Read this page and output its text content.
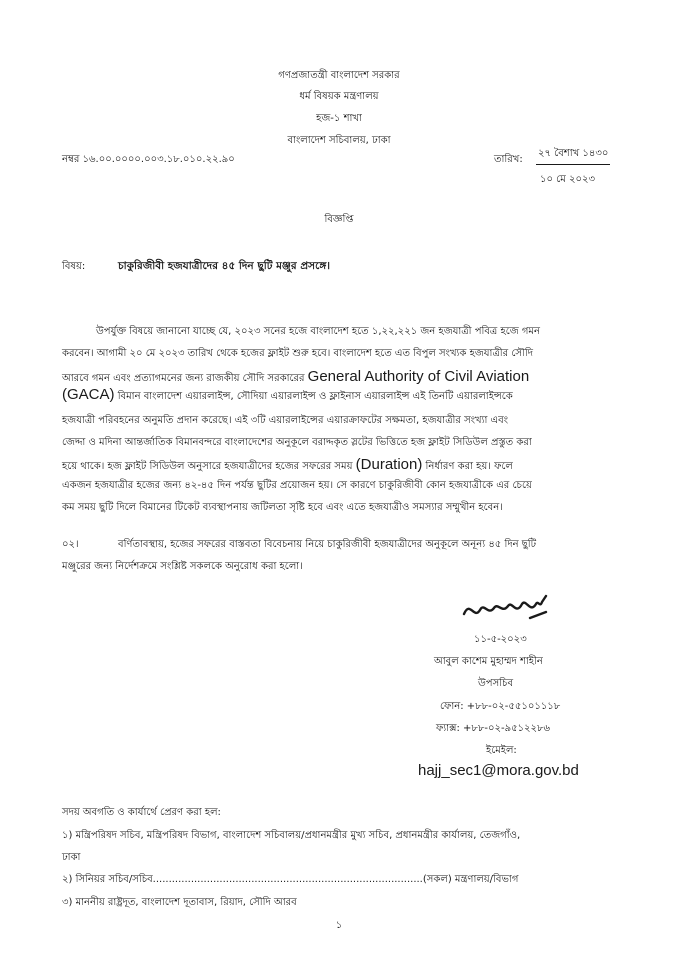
গণপ্রজাতন্ত্রী বাংলাদেশ সরকার
ধর্ম বিষয়ক মন্ত্রণালয়
হজ-১ শাখা
বাংলাদেশ সচিবালয়, ঢাকা
নম্বর ১৬.০০.০০০০.০০৩.১৮.০১০.২২.৯০	তারিখ:
২৭ বৈশাখ ১৪৩০
১০ মে ২০২৩
বিজ্ঞপ্তি
বিষয়:	চাকুরিজীবী হজযাত্রীদের ৪৫ দিন ছুটি মঞ্জুর প্রসঙ্গে।
উপর্যুক্ত বিষয়ে জানানো যাচ্ছে যে, ২০২৩ সনের হজে বাংলাদেশ হতে ১,২২,২২১ জন হজযাত্রী পবিত্র হজে গমন
করবেন। আগামী ২০ মে ২০২৩ তারিখ থেকে হজের ফ্লাইট শুরু হবে। বাংলাদেশ হতে এত বিপুল সংখ্যক হজযাত্রীর সৌদি
আরবে গমন এবং প্রত্যাগমনের জন্য রাজকীয় সৌদি সরকারের General Authority of Civil Aviation
(GACA) বিমান বাংলাদেশ এয়ারলাইন্স, সৌদিয়া এয়ারলাইন্স ও ফ্লাইনাস এয়ারলাইন্স এই তিনটি এয়ারলাইন্সকে
হজযাত্রী পরিবহনের অনুমতি প্রদান করেছে। এই ৩টি এয়ারলাইন্সের এয়ারক্রাফটের সক্ষমতা, হজযাত্রীর সংখ্যা এবং
জেদ্দা ও মদিনা আন্তর্জাতিক বিমানবন্দরে বাংলাদেশের অনুকূলে বরাদ্দকৃত স্লটের ভিত্তিতে হজ ফ্লাইট সিডিউল প্রস্তুত করা
হয়ে থাকে। হজ ফ্লাইট সিডিউল অনুসারে হজযাত্রীদের হজের সফরের সময় (Duration) নির্ধারণ করা হয়। ফলে
একজন হজযাত্রীর হজের জন্য ৪২-৪৫ দিন পর্যন্ত ছুটির প্রয়োজন হয়। সে কারণে চাকুরিজীবী কোন হজযাত্রীকে এর চেয়ে
কম সময় ছুটি দিলে বিমানের টিকেট ব্যবস্থাপনায় জটিলতা সৃষ্টি হবে এবং এতে হজযাত্রীও সমস্যার সম্মুখীন হবেন।
০২।	বর্ণিতাবস্থায়, হজের সফরের বাস্তবতা বিবেচনায় নিয়ে চাকুরিজীবী হজযাত্রীদের অনুকূলে অনূন্য ৪৫ দিন ছুটি
মঞ্জুরের জন্য নির্দেশক্রমে সংশ্লিষ্ট সকলকে অনুরোধ করা হলো।
১১-৫-২০২৩
আবুল কাশেম মুহাম্মদ শাহীন
উপসচিব
ফোন: +৮৮-০২-৫৫১০১১১৮
ফ্যাক্স: +৮৮-০২-৯৫১২২৮৬
ইমেইল:
hajj_sec1@mora.gov.bd
সদয় অবগতি ও কার্যার্থে প্রেরণ করা হল:
১) মন্ত্রিপরিষদ সচিব, মন্ত্রিপরিষদ বিভাগ, বাংলাদেশ সচিবালয়/প্রধানমন্ত্রীর মুখ্য সচিব, প্রধানমন্ত্রীর কার্যালয়, তেজগাঁও,
ঢাকা
২) সিনিয়র সচিব/সচিব.....................................................................................(সকল) মন্ত্রণালয়/বিভাগ
৩) মাননীয় রাষ্ট্রদূত, বাংলাদেশ দূতাবাস, রিয়াদ, সৌদি আরব
১
